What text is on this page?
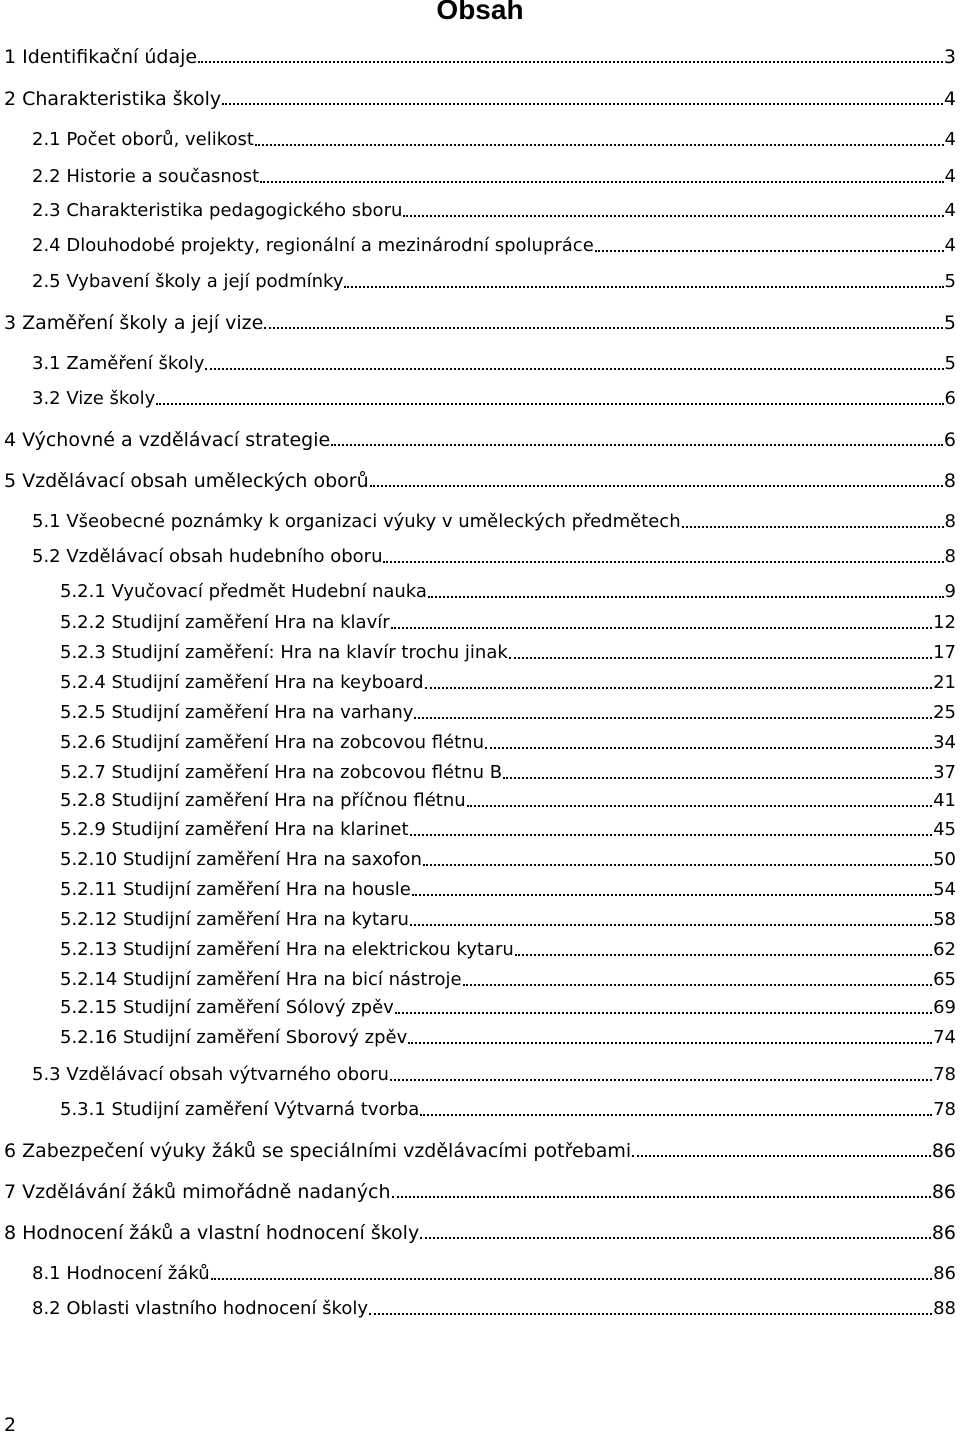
Obsah
1 Identifikační údaje	3
2 Charakteristika školy	4
2.1 Počet oborů, velikost	4
2.2 Historie a současnost	4
2.3 Charakteristika pedagogického sboru	4
2.4 Dlouhodobé projekty, regionální a mezinárodní spolupráce	4
2.5 Vybavení školy a její podmínky	5
3 Zaměření školy a její vize	5
3.1 Zaměření školy	5
3.2 Vize školy	6
4 Výchovné a vzdělávací strategie	6
5 Vzdělávací obsah uměleckých oborů	8
5.1 Všeobecné poznámky k organizaci výuky v uměleckých předmětech	8
5.2 Vzdělávací obsah hudebního oboru	8
5.2.1 Vyučovací předmět Hudební nauka	9
5.2.2 Studijní zaměření Hra na klavír	12
5.2.3 Studijní zaměření: Hra na klavír trochu jinak	17
5.2.4 Studijní zaměření Hra na keyboard	21
5.2.5 Studijní zaměření Hra na varhany	25
5.2.6 Studijní zaměření Hra na zobcovou flétnu	34
5.2.7 Studijní zaměření Hra na zobcovou flétnu B	37
5.2.8 Studijní zaměření Hra na příčnou flétnu	41
5.2.9 Studijní zaměření Hra na klarinet	45
5.2.10 Studijní zaměření Hra na saxofon	50
5.2.11 Studijní zaměření Hra na housle	54
5.2.12 Studijní zaměření Hra na kytaru	58
5.2.13 Studijní zaměření Hra na elektrickou kytaru	62
5.2.14 Studijní zaměření Hra na bicí nástroje	65
5.2.15 Studijní zaměření Sólový zpěv	69
5.2.16 Studijní zaměření Sborový zpěv	74
5.3 Vzdělávací obsah výtvarného oboru	78
5.3.1 Studijní zaměření Výtvarná tvorba	78
6 Zabezpečení výuky žáků se speciálními vzdělávacími potřebami	86
7 Vzdělávání žáků mimořádně nadaných	86
8 Hodnocení žáků a vlastní hodnocení školy	86
8.1 Hodnocení žáků	86
8.2 Oblasti vlastního hodnocení školy	88
2
